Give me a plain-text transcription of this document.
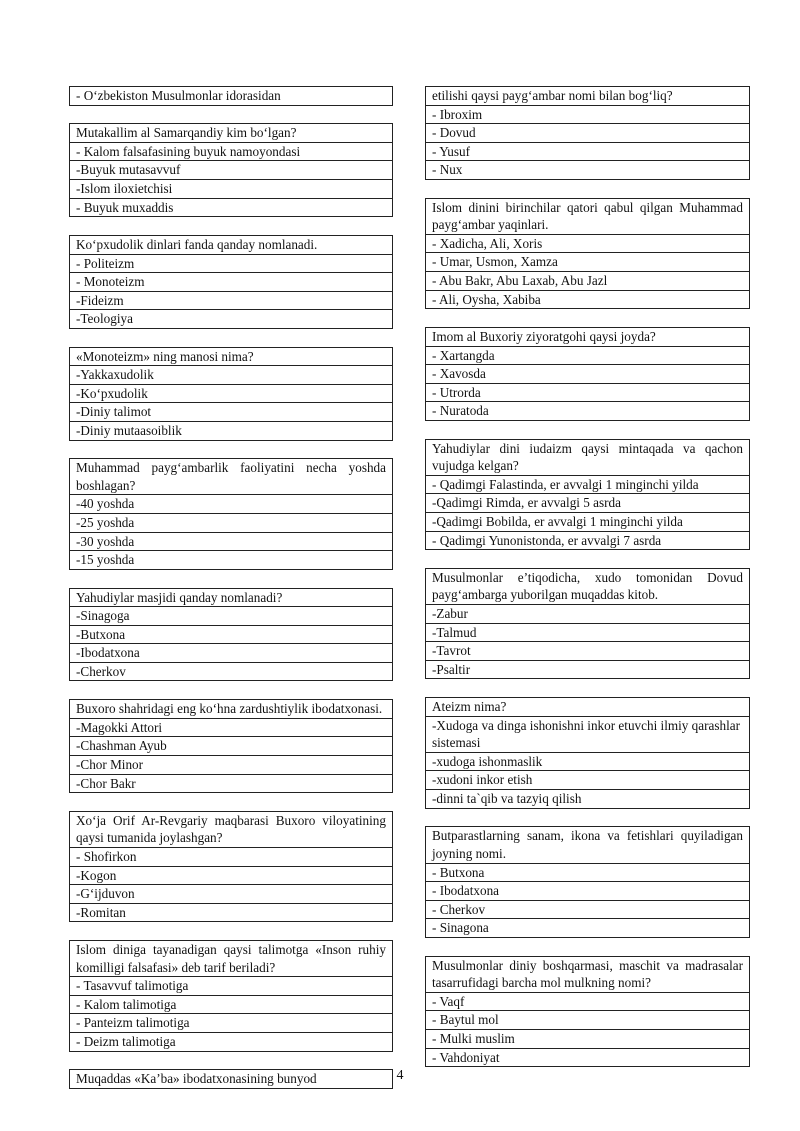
- O‘zbekiston Musulmonlar idorasidan
Mutakallim al Samarqandiy kim bo‘lgan?
- Kalom falsafasining buyuk namoyondasi
-Buyuk mutasavvuf
-Islom iloxietchisi
- Buyuk muxaddis
Ko‘pxudolik dinlari fanda qanday nomlanadi.
- Politeizm
- Monoteizm
-Fideizm
-Teologiya
«Monoteizm» ning manosi nima?
-Yakkaxudolik
-Ko‘pxudolik
-Diniy talimot
-Diniy mutaasoiblik
Muhammad payg‘ambarlik faoliyatini necha yoshda boshlagan?
-40 yoshda
-25 yoshda
-30 yoshda
-15 yoshda
Yahudiylar masjidi qanday nomlanadi?
-Sinagoga
-Butxona
-Ibodatxona
-Cherkov
Buxoro shahridagi eng ko‘hna zardushtiylik ibodatxonasi.
-Magokki Attori
-Chashman Ayub
-Chor Minor
-Chor Bakr
Xo‘ja Orif Ar-Revgariy maqbarasi Buxoro viloyatining qaysi tumanida joylashgan?
- Shofirkon
-Kogon
-G‘ijduvon
-Romitan
Islom diniga tayanadigan qaysi talimotga «Inson ruhiy komilligi falsafasi» deb tarif beriladi?
- Tasavvuf talimotiga
- Kalom talimotiga
- Panteizm talimotiga
- Deizm talimotiga
Muqaddas «Ka’ba» ibodatxonasining bunyod
etilishi qaysi payg‘ambar nomi bilan bog‘liq?
- Ibroxim
- Dovud
- Yusuf
- Nux
Islom dinini birinchilar qatori qabul qilgan Muhammad payg‘ambar yaqinlari.
- Xadicha, Ali, Xoris
- Umar, Usmon, Xamza
- Abu Bakr, Abu Laxab, Abu Jazl
- Ali, Oysha, Xabiba
Imom al Buxoriy ziyoratgohi qaysi joyda?
- Xartangda
- Xavosda
- Utrorda
- Nuratoda
Yahudiylar dini iudaizm qaysi mintaqada va qachon vujudga kelgan?
- Qadimgi Falastinda, er avvalgi 1 minginchi yilda
-Qadimgi Rimda, er avvalgi 5 asrda
-Qadimgi Bobilda, er avvalgi 1 minginchi yilda
- Qadimgi Yunonistonda, er avvalgi 7 asrda
Musulmonlar e’tiqodicha, xudo tomonidan Dovud payg‘ambarga yuborilgan muqaddas kitob.
-Zabur
-Talmud
-Tavrot
-Psaltir
Ateizm nima?
-Xudoga va dinga ishonishni inkor etuvchi ilmiy qarashlar sistemasi
-xudoga ishonmaslik
-xudoni inkor etish
-dinni ta`qib va tazyiq qilish
Butparastlarning sanam, ikona va fetishlari quyiladigan joyning nomi.
- Butxona
- Ibodatxona
- Cherkov
- Sinagona
Musulmonlar diniy boshqarmasi, maschit va madrasalar tasarrufidagi barcha mol mulkning nomi?
- Vaqf
- Baytul mol
- Mulki muslim
- Vahdoniyat
4
